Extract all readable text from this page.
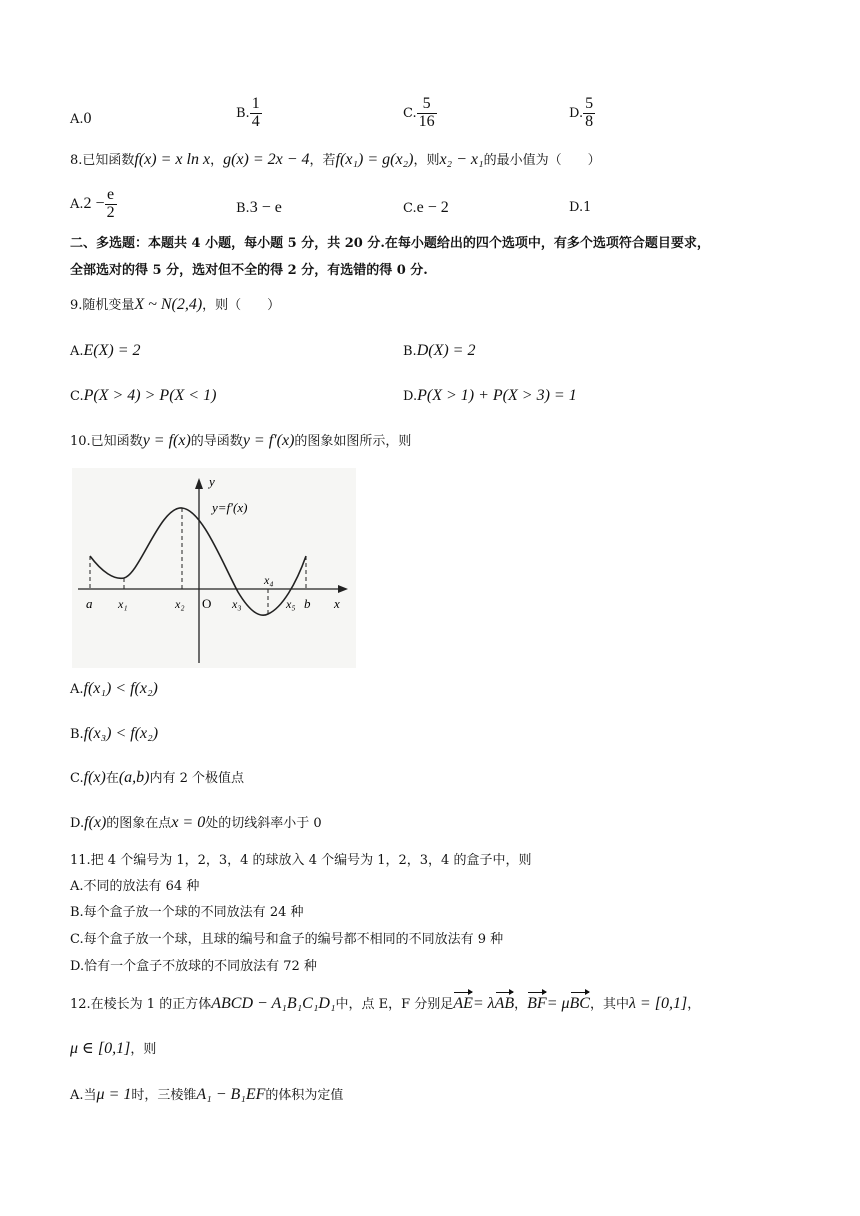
A.0	B. $\frac{1}{4}$	C. $\frac{5}{16}$	D. $\frac{5}{8}$
8.已知函数f(x) = x ln x，g(x) = 2x − 4，若f(x₁) = g(x₂)，则x₂ − x₁的最小值为（　　）
$A.2 - \frac{e}{2}$	B.3 − e	C.e − 2	D.1
二、多选题：本题共 4 小题，每小题 5 分，共 20 分.在每小题给出的四个选项中，有多个选项符合题目要求，
全部选对的得 5 分，选对但不全的得 2 分，有选错的得 0 分.
9.随机变量X ~ N(2,4)，则（　　）
A.E(X) = 2	B.D(X) = 2
C.P(X > 4) > P(X < 1)	D.P(X > 1) + P(X > 3) = 1
10.已知函数y = f(x)的导函数y = f′(x)的图象如图所示，则
y
y=f′(x)
x
O
a x₁	x₂	x₃
x₄
x₅ b
A.f(x₁) < f(x₂)
B.f(x₃) < f(x₂)
C.f(x)在(a,b)内有 2 个极值点
D.f(x)的图象在点x = 0处的切线斜率小于 0
11.把 4 个编号为 1，2，3，4 的球放入 4 个编号为 1，2，3，4 的盒子中，则
A.不同的放法有 64 种
B.每个盒子放一个球的不同放法有 24 种
C.每个盒子放一个球，且球的编号和盒子的编号都不相同的不同放法有 9 种
D.恰有一个盒子不放球的不同放法有 72 种
12.在棱长为 1 的正方体ABCD − A₁B₁C₁D₁中，点 E，F 分别足AE= λAB，BF= μBC，其中λ = [0,1]，
μ ∈ [0,1]，则
A.当μ = 1时，三棱锥A₁ − B₁EF的体积为定值
